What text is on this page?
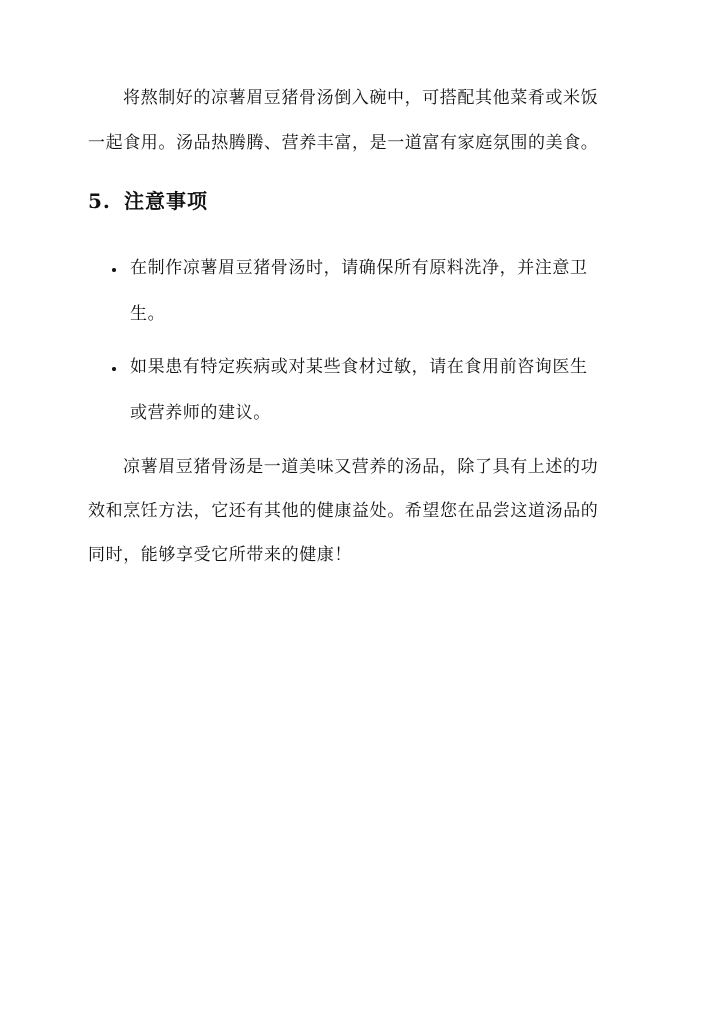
将熬制好的凉薯眉豆猪骨汤倒入碗中，可搭配其他菜肴或米饭
一起食用。汤品热腾腾、营养丰富，是一道富有家庭氛围的美食。
5. 注意事项
在制作凉薯眉豆猪骨汤时，请确保所有原料洗净，并注意卫
生。
如果患有特定疾病或对某些食材过敏，请在食用前咨询医生
或营养师的建议。
凉薯眉豆猪骨汤是一道美味又营养的汤品，除了具有上述的功
效和烹饪方法，它还有其他的健康益处。希望您在品尝这道汤品的
同时，能够享受它所带来的健康！
